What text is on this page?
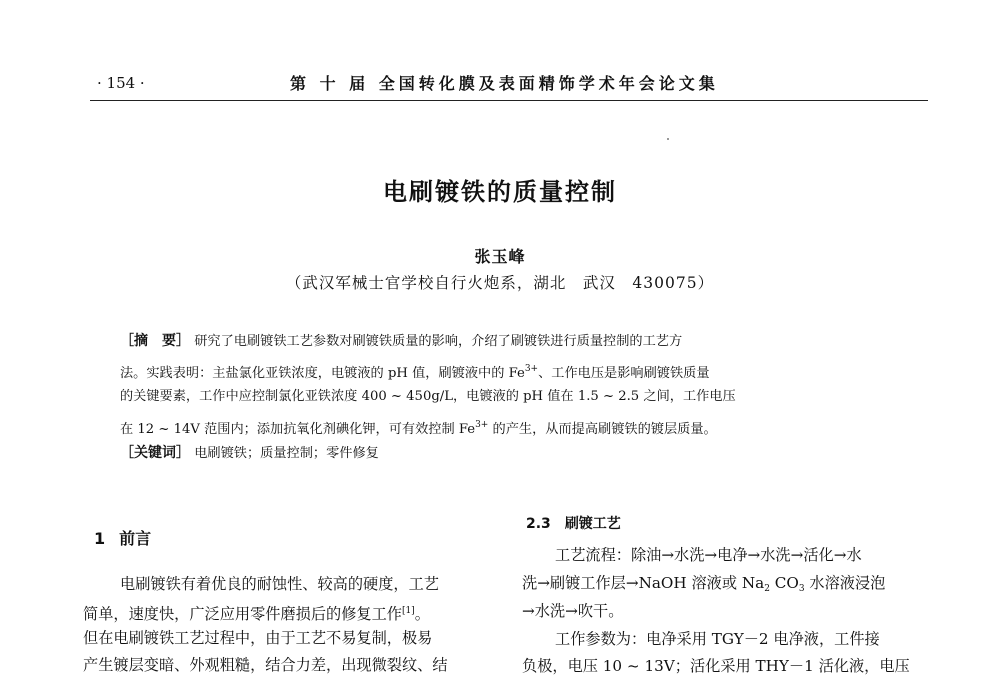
· 154 ·	第 十 届 全国转化膜及表面精饰学术年会论文集
电刷镀铁的质量控制
张玉峰
（武汉军械士官学校自行火炮系，湖北　武汉　430075）
［摘　要］ 研究了电刷镀铁工艺参数对刷镀铁质量的影响，介绍了刷镀铁进行质量控制的工艺方
法。实践表明：主盐氯化亚铁浓度，电镀液的 pH 值，刷镀液中的 $Fe^{3+}$、工作电压是影响刷镀铁质量
的关键要素，工作中应控制氯化亚铁浓度 400 ~ 450g/L，电镀液的 pH 值在 1.5 ~ 2.5 之间，工作电压
在 12 ~ 14V 范围内；添加抗氧化剂碘化钾，可有效控制 $Fe^{3+}$ 的产生，从而提高刷镀铁的镀层质量。
［关键词］ 电刷镀铁；质量控制；零件修复
1 前言
电刷镀铁有着优良的耐蚀性、较高的硬度，工艺
简单，速度快，广泛应用零件磨损后的修复工作[1]。
但在电刷镀铁工艺过程中，由于工艺不易复制，极易
产生镀层变暗、外观粗糙，结合力差，出现微裂纹、结
2.3 刷镀工艺
工艺流程：除油→水洗→电净→水洗→活化→水
洗→刷镀工作层→NaOH 溶液或 $Na_2$ $CO_3$ 水溶液浸泡
→水洗→吹干。
工作参数为：电净采用 TGY－2 电净液，工件接
负极，电压 10 ~ 13V；活化采用 THY－1 活化液，电压
